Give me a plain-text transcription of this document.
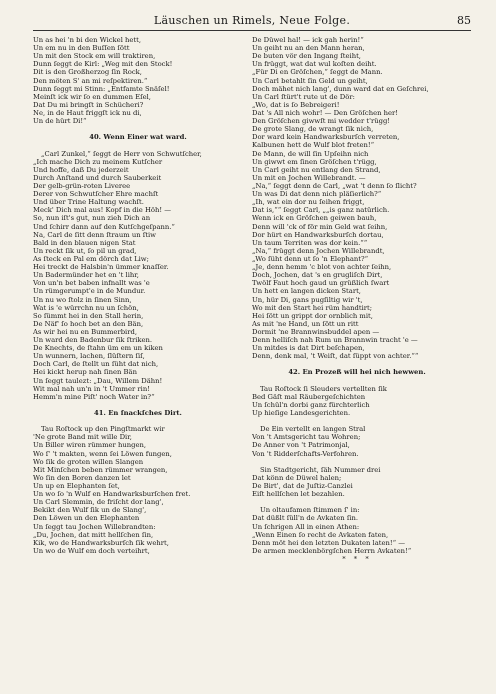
Läuschen un Rimels, Neue Folge.	85
Un as hei 'n bi den Wickel hett,
Un em nu in den Buſſen ſött
Un mit den Stock em will traktiren,
Dunn ſeggt de Kirl: „Weg mit den Stock!
Dit is den Großherzog ſin Rock,
Den möten S' an mi reſpektiren.“
Dunn ſeggt mi Stinn: „Entfamte Snäſel!
Meinſt ick wir ſo en dummen Eſel,
Dat Du mi bringſt in Schücheri?
Ne, in de Haut friggſt ick nu di,
Un de hürt Di!“
40. Wenn Einer wat ward.
„Carl Zunkel,“ ſeggt de Herr von Schwutſcher,
„Ich mache Dich zu meinem Kutſcher
Und hoffe, daß Du jederzeit
Durch Anſtand und durch Sauberkeit
Der gelb-grün-roten Liveree
Derer von Schwutſcher Ehre machſt
Und über Trine Haltung wachſt.
Meck' Dich mal aus! Kopf in die Höh! —
So, nun iſt's gut, nun zieh Dich an
Und ſchirr dann auf den Kutſchgeſpann.“
Na, Carl de ſitt denn ſtraum un ſtiw
Bald in den blauen nigen Stat
Un reckt ſik ut, ſo pil un grad,
As ſteck en Pal em dörch dat Liw;
Hei treckt de Halsbin'n ümmer knaſſer.
Un Badermünder het en 't lihr,
Von un'n bet baben infnallt was 'e
Un rümgerumpt'e in de Mundur.
Un nu wo ſtolz in ſinen Sinn,
Wat is 'e würrchn nu un ſchön,
So ſümmt hei in den Stall herin,
De Näf' ſo hoch bet an den Bän,
As wir hei nu en Bummerbird,
Un ward den Badenbur ſik ſtriken.
De Knechts, de ſtahn üm em un kiken
Un wunnern, lachen, ſlüſtern ſiſ,
Doch Carl, de ſtellt un ſüht dat nich,
Hei kickt herup nah ſinen Bän
Un ſeggt taulezt: „Dau, Willem Dähn!
Wit mal nah un'n in 't Ummer rin!
Hemm'n mine Piſt' noch Water in?“
41. En ſnackſches Dirt.
Tau Roſtock up den Pingſtmarkt wir
'Ne grote Band mit wille Dir,
Un Biller wiren rümmer hungen,
Wo ſ' 't makten, wenn ſei Löwen fungen,
Wo ſik de groten willen Slangen
Mit Minſchen beben rümmer wrangen,
Wo ſin den Boren danzen let
Un up en Elephanten ſet,
Un wo ſo 'n Wulf en Handwarksburſchen fret.
Un Carl Slemmin, de friſcht dor lang',
Bekikt den Wulf ſik un de Slang',
Den Löwen un den Elephanten
Un ſeggt tau Jochen Willebrandten:
„Du, Jochen, dat mitt hellſchen ſin,
Kik, wo de Handwarksburſch ſik wehrt,
Un wo de Wulf em doch verteihrt,
De Düwel hal! — ick gah herin!“
Un geiht nu an den Mann heran,
De buten vör den Ingang ſteiht,
Un früggt, wat dat wul koſten deiht.
„Für Di en Gröſchen,“ ſeggt de Mann.
Un Carl betahlt ſin Geld un geiht,
Doch mähet nich lang', dunn ward dat en Geſchrei,
Un Carl ſtürt't rute ut de Dör:
„Wo, dat is ſo Bebreigeri!
Dat 's All nich wohr! — Den Gröſchen her!
Den Gröſchen giwwſt mi wedder t'rügg!
De grote Slang, de wrangt ſik nich,
Dor ward kein Handwarksburſch verreten,
Kalbunen hett de Wulf blot freten!“
De Mann, de will ſin Upſeihn nich
Un giwwt em ſinen Gröſchen t'rügg,
Un Carl geiht nu entlang den Strand,
Un mit en Jochen Willebrandt. —
„Na,“ ſeggt denn de Carl, „wat 't denn ſo ſlicht?
Un was Di dat denn nich pläſierlich?“
„Ih, wat ein dor nu ſeihen friggt,
Dat is,““ ſeggt Carl, „„is ganz natürlich.
Wenn ick en Gröſchen geiwen bauh,
Denn will 'ck of för min Geld wat ſeihn,
Dor hürt en Handwarksburſch dortau,
Un taum Territen was dor kein.““
„Na,“ früggt denn Jochen Willebrandt,
„Wo ſüht denn ut ſo 'n Elephant?“
„Je, denn hemm 'c blot von achter ſeihn,
Doch, Jochen, dat 's en grugliſch Dirt,
Twölf Faut hoch gaud un grüßlich ſwart
Un hett en langen dicken Start,
Un, hür Di, gans pugſiltig wir 't,
Wo mit den Start hei rüm handtirt;
Hei ſött un grippt dor ornblich mit,
As mit 'ne Hand, un ſött un ritt
Dormit 'ne Brannwinsbuddel apen —
Denn helliſch nah Rum un Brannwin tracht 'e —
Un mitdes is dat Dirt beſchapen,
Denn, denk mal, 't Weiſt, dat ſüppt von achter.““
42. En Prozeß will hei nich hewwen.
Tau Roſtock ſi Sleuders vertellten ſik
Bed Gäſt mal Räubergeſchichten
Un ſchül'n dorbi ganz fürchterlich
Up hieſige Landesgerichten.
De Ein vertellt en langen Stral
Von 't Amtsgericht tau Wohren;
De Anner von 't Patrimonjal,
Von 't Ridderſchafts-Verfohren.
Sin Stadtgericht, ſäh Nummer drei
Dat könn de Düwel halen;
De Birt', dat de Juſtiz-Canzlei
Eiſt hellſchen let bezahlen.
Un oltaufamen ſtimmen ſ' in:
Dat düßlt ſüll'n de Avkaten ſin.
Un ſchrigen All in einen Athen:
„Wenn Einen ſo recht de Avkaten faten,
Denn möt hei den letzten Dukaten laten!“ —
De armen mecklenbörgſchen Herrn Avkaten!“
* * *
